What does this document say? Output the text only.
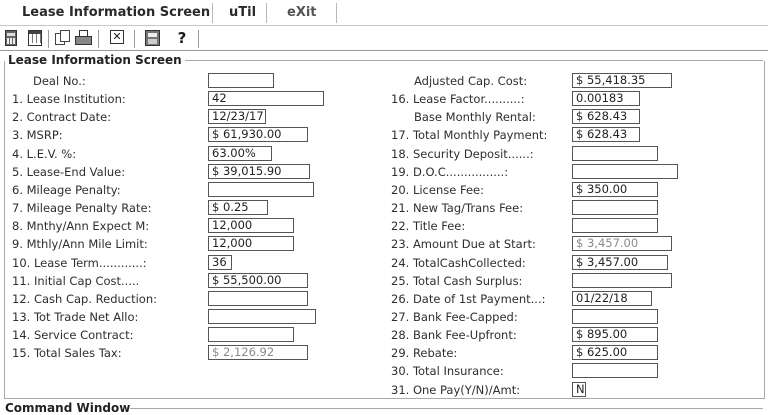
Lease Information Screen uTil eXit
✕	?
Lease Information Screen
Deal No.:
1. Lease Institution:	42
2. Contract Date:	12/23/17
3. MSRP:	$ 61,930.00
4. L.E.V. %:	63.00%
5. Lease-End Value:	$ 39,015.90
6. Mileage Penalty:
7. Mileage Penalty Rate:	$ 0.25
8. Mnthy/Ann Expect M:	12,000
9. Mthly/Ann Mile Limit:	12,000
10. Lease Term............:	36
11. Initial Cap Cost.....	$ 55,500.00
12. Cash Cap. Reduction:
13. Tot Trade Net Allo:
14. Service Contract:
15. Total Sales Tax:	$ 2,126.92
Adjusted Cap. Cost:	$ 55,418.35
16. Lease Factor..........:	0.00183
Base Monthly Rental:	$ 628.43
17. Total Monthly Payment:	$ 628.43
18. Security Deposit......:
19. D.O.C................:
20. License Fee:	$ 350.00
21. New Tag/Trans Fee:
22. Title Fee:
23. Amount Due at Start:	$ 3,457.00
24. TotalCashCollected:	$ 3,457.00
25. Total Cash Surplus:
26. Date of 1st Payment...:	01/22/18
27. Bank Fee-Capped:
28. Bank Fee-Upfront:	$ 895.00
29. Rebate:	$ 625.00
30. Total Insurance:
31. One Pay(Y/N)/Amt:	N
Command Window
